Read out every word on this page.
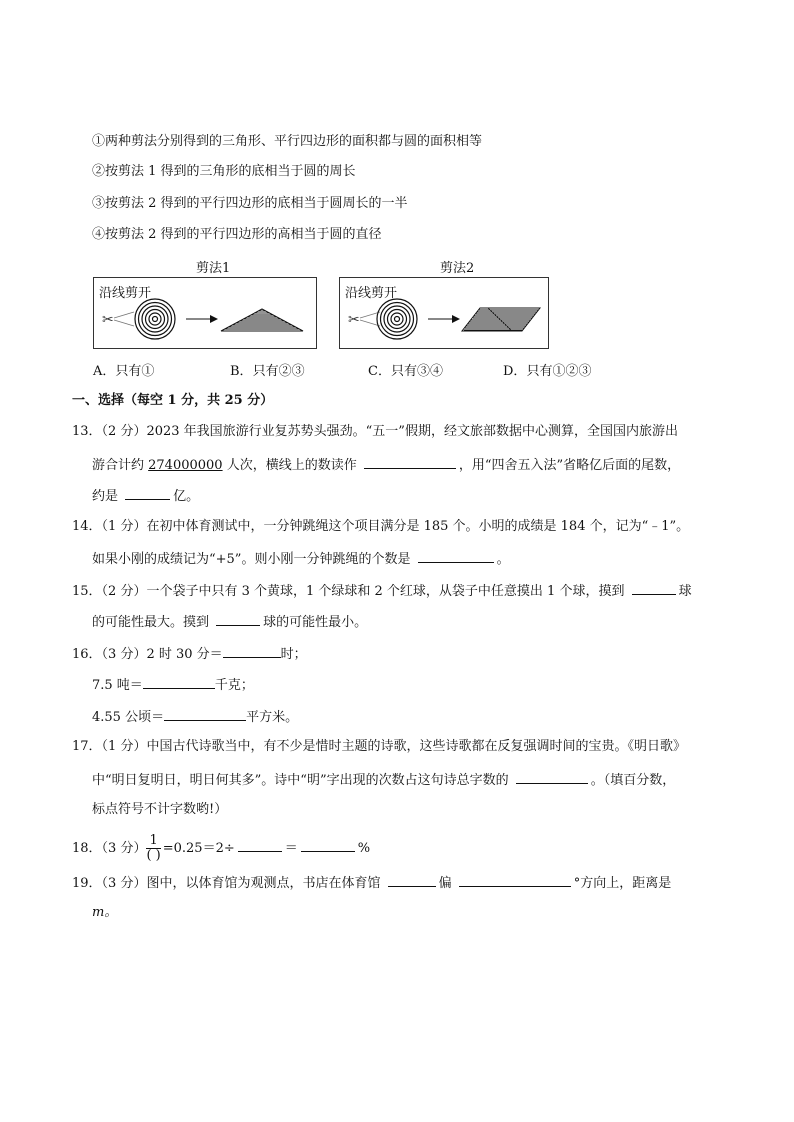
①两种剪法分别得到的三角形、平行四边形的面积都与圆的面积相等
②按剪法 1 得到的三角形的底相当于圆的周长
③按剪法 2 得到的平行四边形的底相当于圆周长的一半
④按剪法 2 得到的平行四边形的高相当于圆的直径
剪法1	剪法2
沿线剪开
✂
沿线剪开
✂
A．只有①	B．只有②③	C．只有③④	D．只有①②③
一、选择（每空 1 分，共 25 分）
13．（2 分）2023 年我国旅游行业复苏势头强劲。“五一”假期，经文旅部数据中心测算，全国国内旅游出
游合计约 274000000 人次，横线上的数读作	，用“四舍五入法”省略亿后面的尾数，
约是	亿。
14．（1 分）在初中体育测试中，一分钟跳绳这个项目满分是 185 个。小明的成绩是 184 个，记为“﹣1”。
如果小刚的成绩记为“+5”。则小刚一分钟跳绳的个数是	。
15．（2 分）一个袋子中只有 3 个黄球，1 个绿球和 2 个红球，从袋子中任意摸出 1 个球，摸到	球
的可能性最大。摸到	球的可能性最小。
16．（3 分）2 时 30 分＝	时；
7.5 吨＝	千克；
4.55 公顷＝	平方米。
17．（1 分）中国古代诗歌当中，有不少是惜时主题的诗歌，这些诗歌都在反复强调时间的宝贵。《明日歌》
中“明日复明日，明日何其多”。诗中“明”字出现的次数占这句诗总字数的	。（填百分数，
标点符号不计字数哟!）
18．（3 分） $\frac{1}{( )} =0.25=2\div$	＝	%
19．（3 分）图中，以体育馆为观测点，书店在体育馆	偏	°方向上，距离是
m。
